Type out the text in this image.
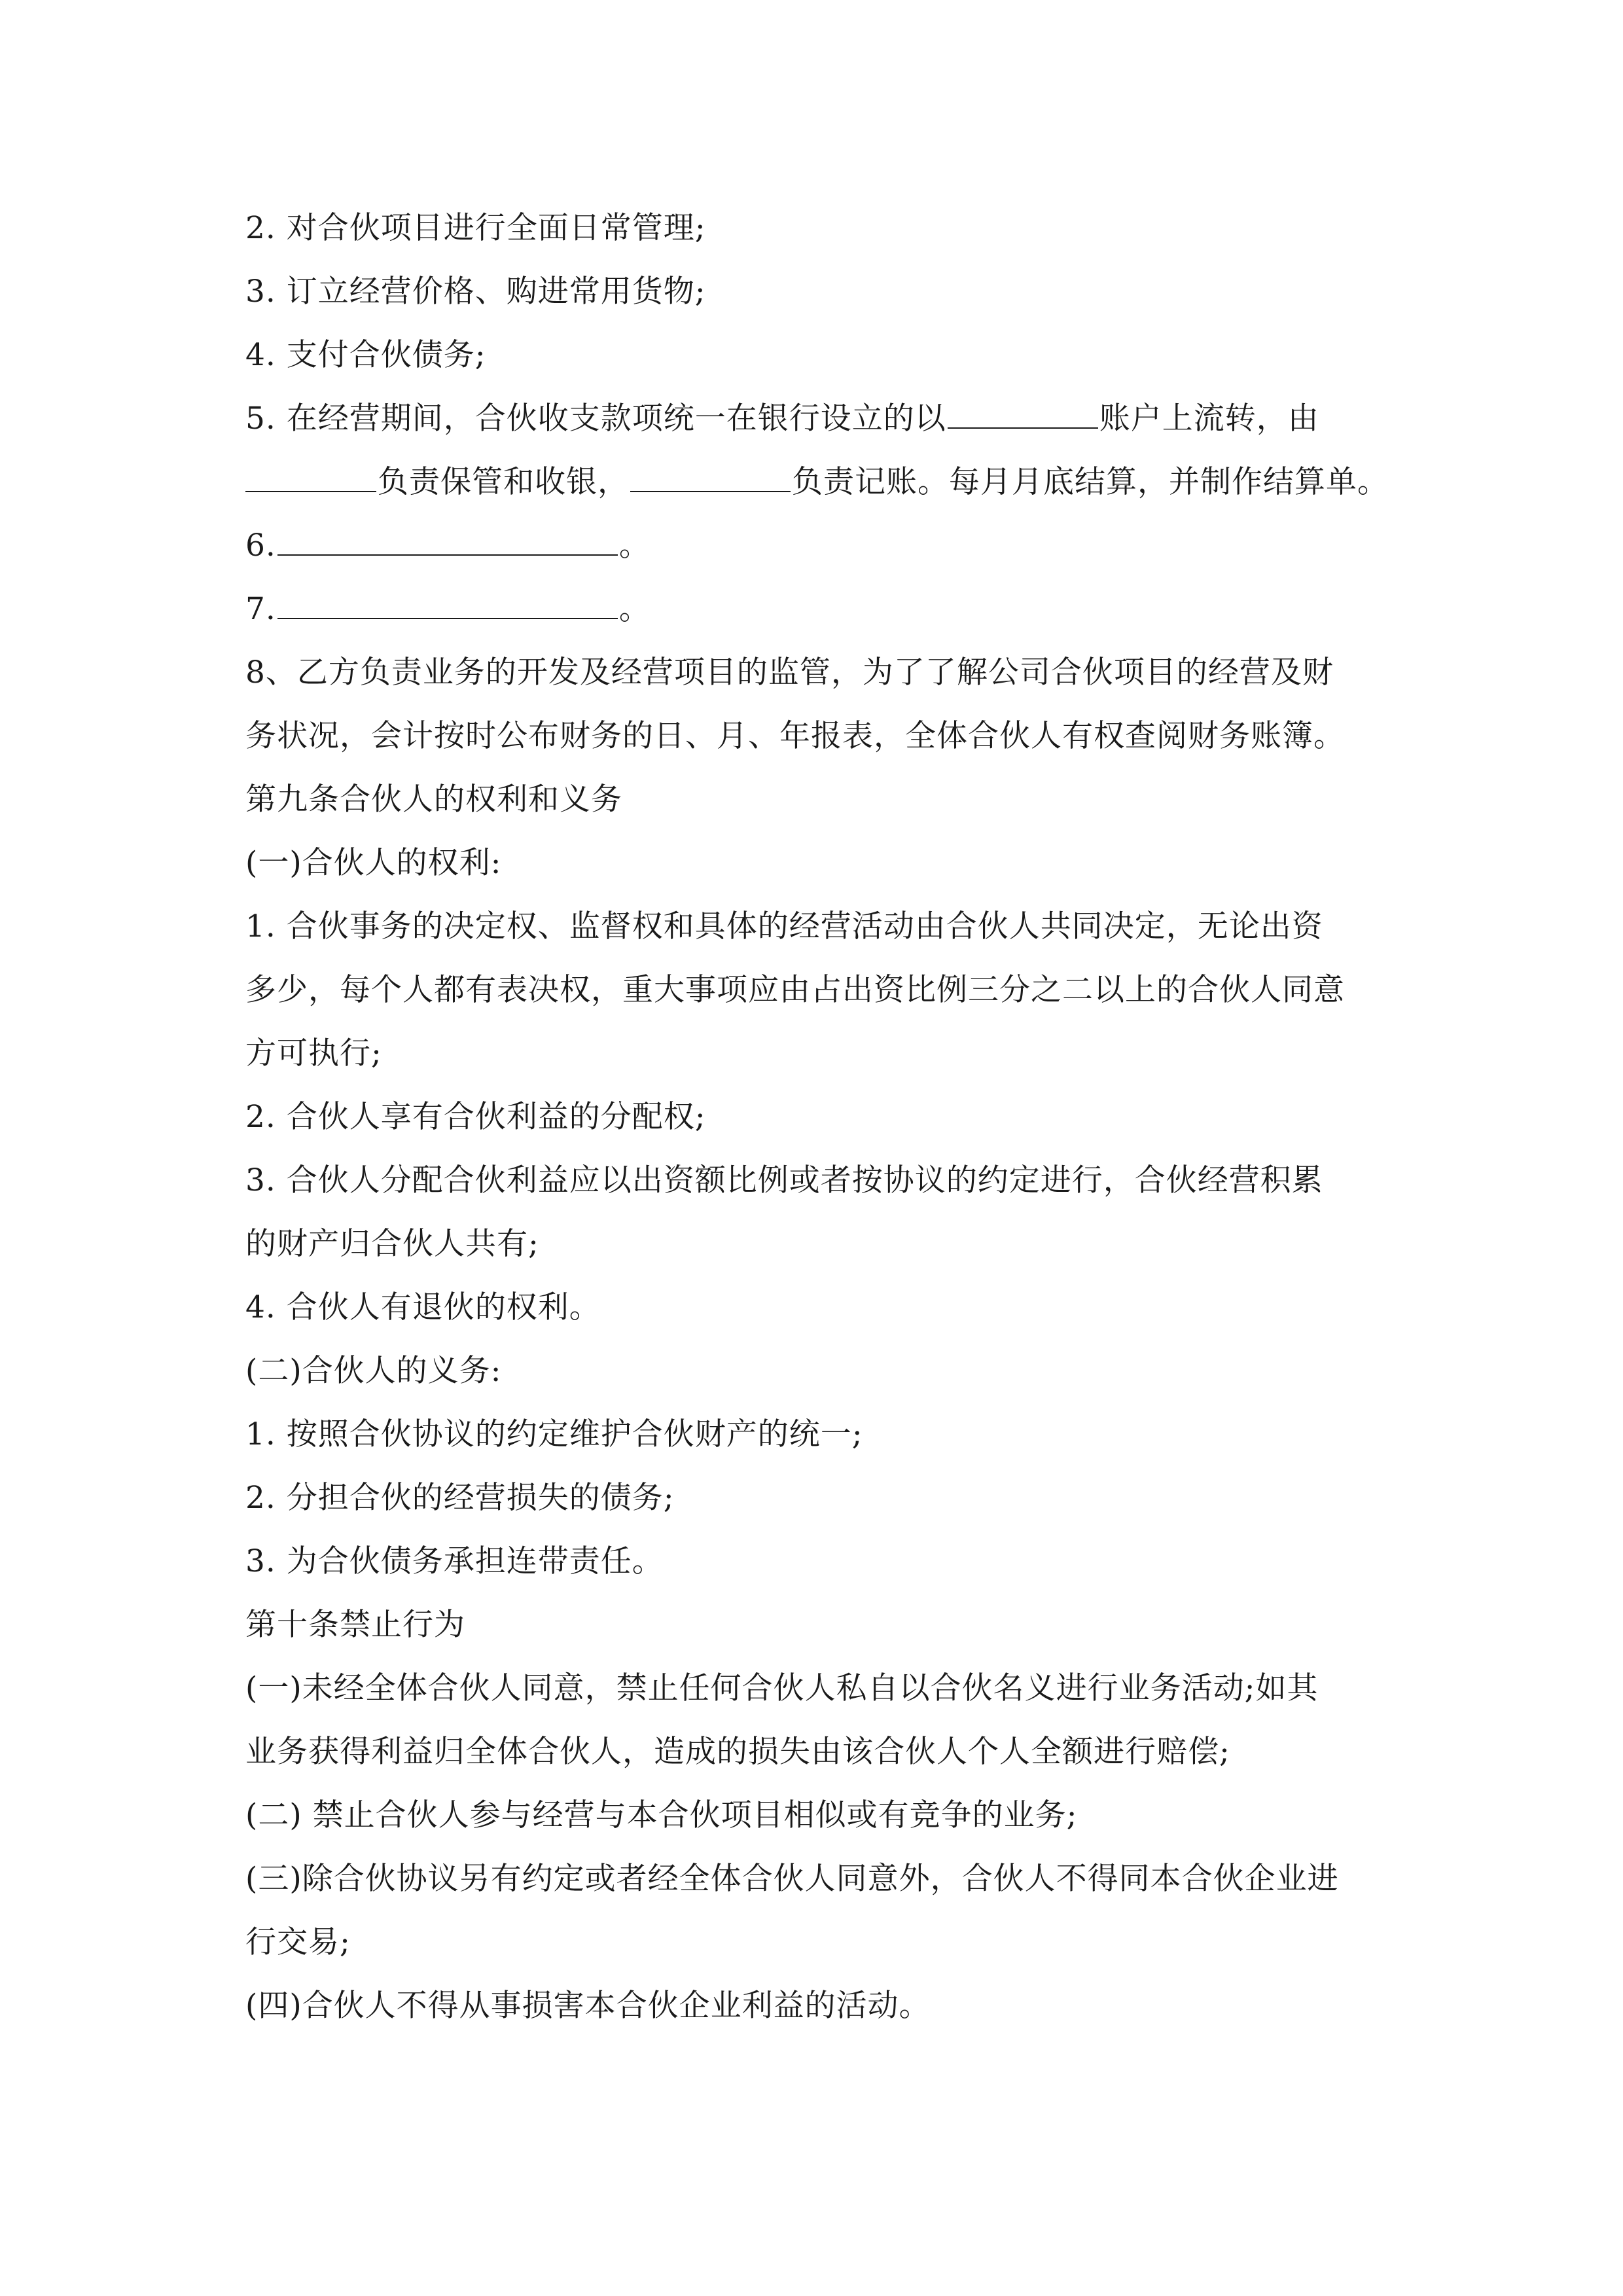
2. 对合伙项目进行全面日常管理;
3. 订立经营价格、购进常用货物;
4. 支付合伙债务;
5. 在经营期间，合伙收支款项统一在银行设立的以	账户上流转，由
负责保管和收银，	负责记账。每月月底结算，并制作结算单。
6.	。
7.	。
8、乙方负责业务的开发及经营项目的监管，为了了解公司合伙项目的经营及财
务状况，会计按时公布财务的日、月、年报表，全体合伙人有权查阅财务账簿。
第九条合伙人的权利和义务
(一)合伙人的权利:
1. 合伙事务的决定权、监督权和具体的经营活动由合伙人共同决定，无论出资
多少，每个人都有表决权，重大事项应由占出资比例三分之二以上的合伙人同意
方可执行;
2. 合伙人享有合伙利益的分配权;
3. 合伙人分配合伙利益应以出资额比例或者按协议的约定进行，合伙经营积累
的财产归合伙人共有;
4. 合伙人有退伙的权利。
(二)合伙人的义务:
1. 按照合伙协议的约定维护合伙财产的统一;
2. 分担合伙的经营损失的债务;
3. 为合伙债务承担连带责任。
第十条禁止行为
(一)未经全体合伙人同意，禁止任何合伙人私自以合伙名义进行业务活动;如其
业务获得利益归全体合伙人，造成的损失由该合伙人个人全额进行赔偿;
(二) 禁止合伙人参与经营与本合伙项目相似或有竞争的业务;
(三)除合伙协议另有约定或者经全体合伙人同意外，合伙人不得同本合伙企业进
行交易;
(四)合伙人不得从事损害本合伙企业利益的活动。
